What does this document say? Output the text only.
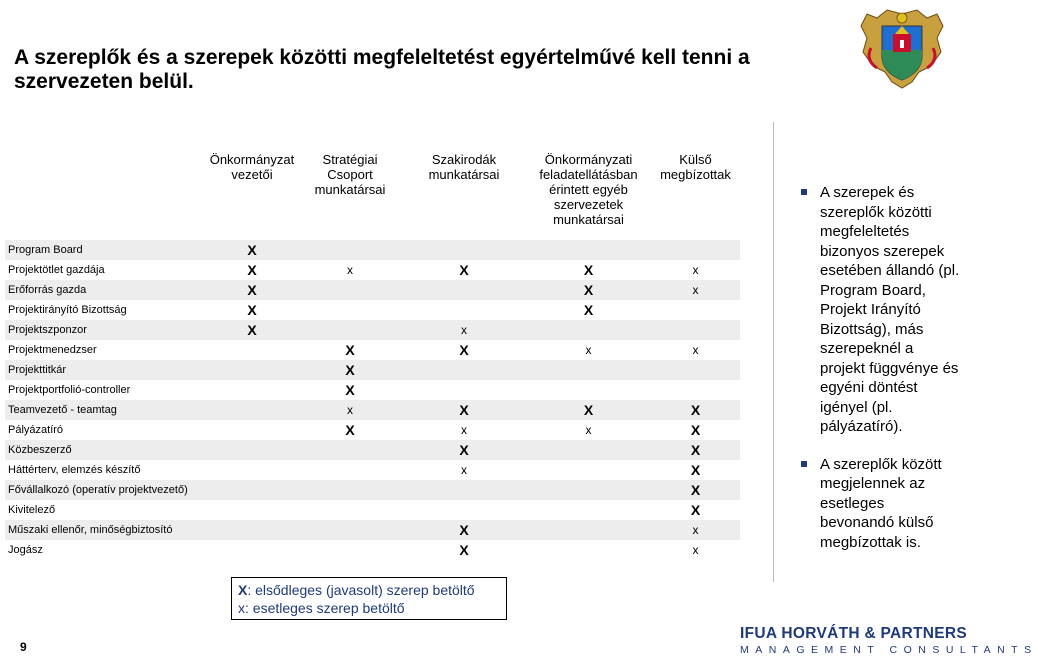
A szereplők és a szerepek közötti megfeleltetést egyértelművé kell tenni a szervezeten belül.
	Önkormányzat vezetői	Stratégiai Csoport munkatársai	Szakirodák munkatársai	Önkormányzati feladatellátásban érintett egyéb szervezetek munkatársai	Külső megbízottak
Program Board	X				
Projektötlet gazdája	X	x	X	X	x
Erőforrás gazda	X			X	x
Projektirányító Bizottság	X			X	
Projektszponzor	X		x		
Projektmenedzser		X	X	x	x
Projekttitkár		X			
Projektportfolió-controller		X			
Teamvezető - teamtag		x	X	X	X
Pályázatíró		X	x	x	X
Közbeszerző			X		X
Háttérterv, elemzés készítő			x		X
Fővállalkozó (operatív projektvezető)					X
Kivitelező					X
Műszaki ellenőr, minőségbiztosító			X		x
Jogász			X		x
A szerepek és szereplők közötti megfeleltetés bizonyos szerepek esetében állandó (pl. Program Board, Projekt Irányító Bizottság), más szerepeknél a projekt függvénye és egyéni döntést igényel (pl. pályázatíró).
A szereplők között megjelennek az esetleges bevonandó külső megbízottak is.
X: elsődleges (javasolt) szerep betöltő
x: esetleges szerep betöltő
9
IFUA HORVÁTH & PARTNERS
MANAGEMENT CONSULTANTS
